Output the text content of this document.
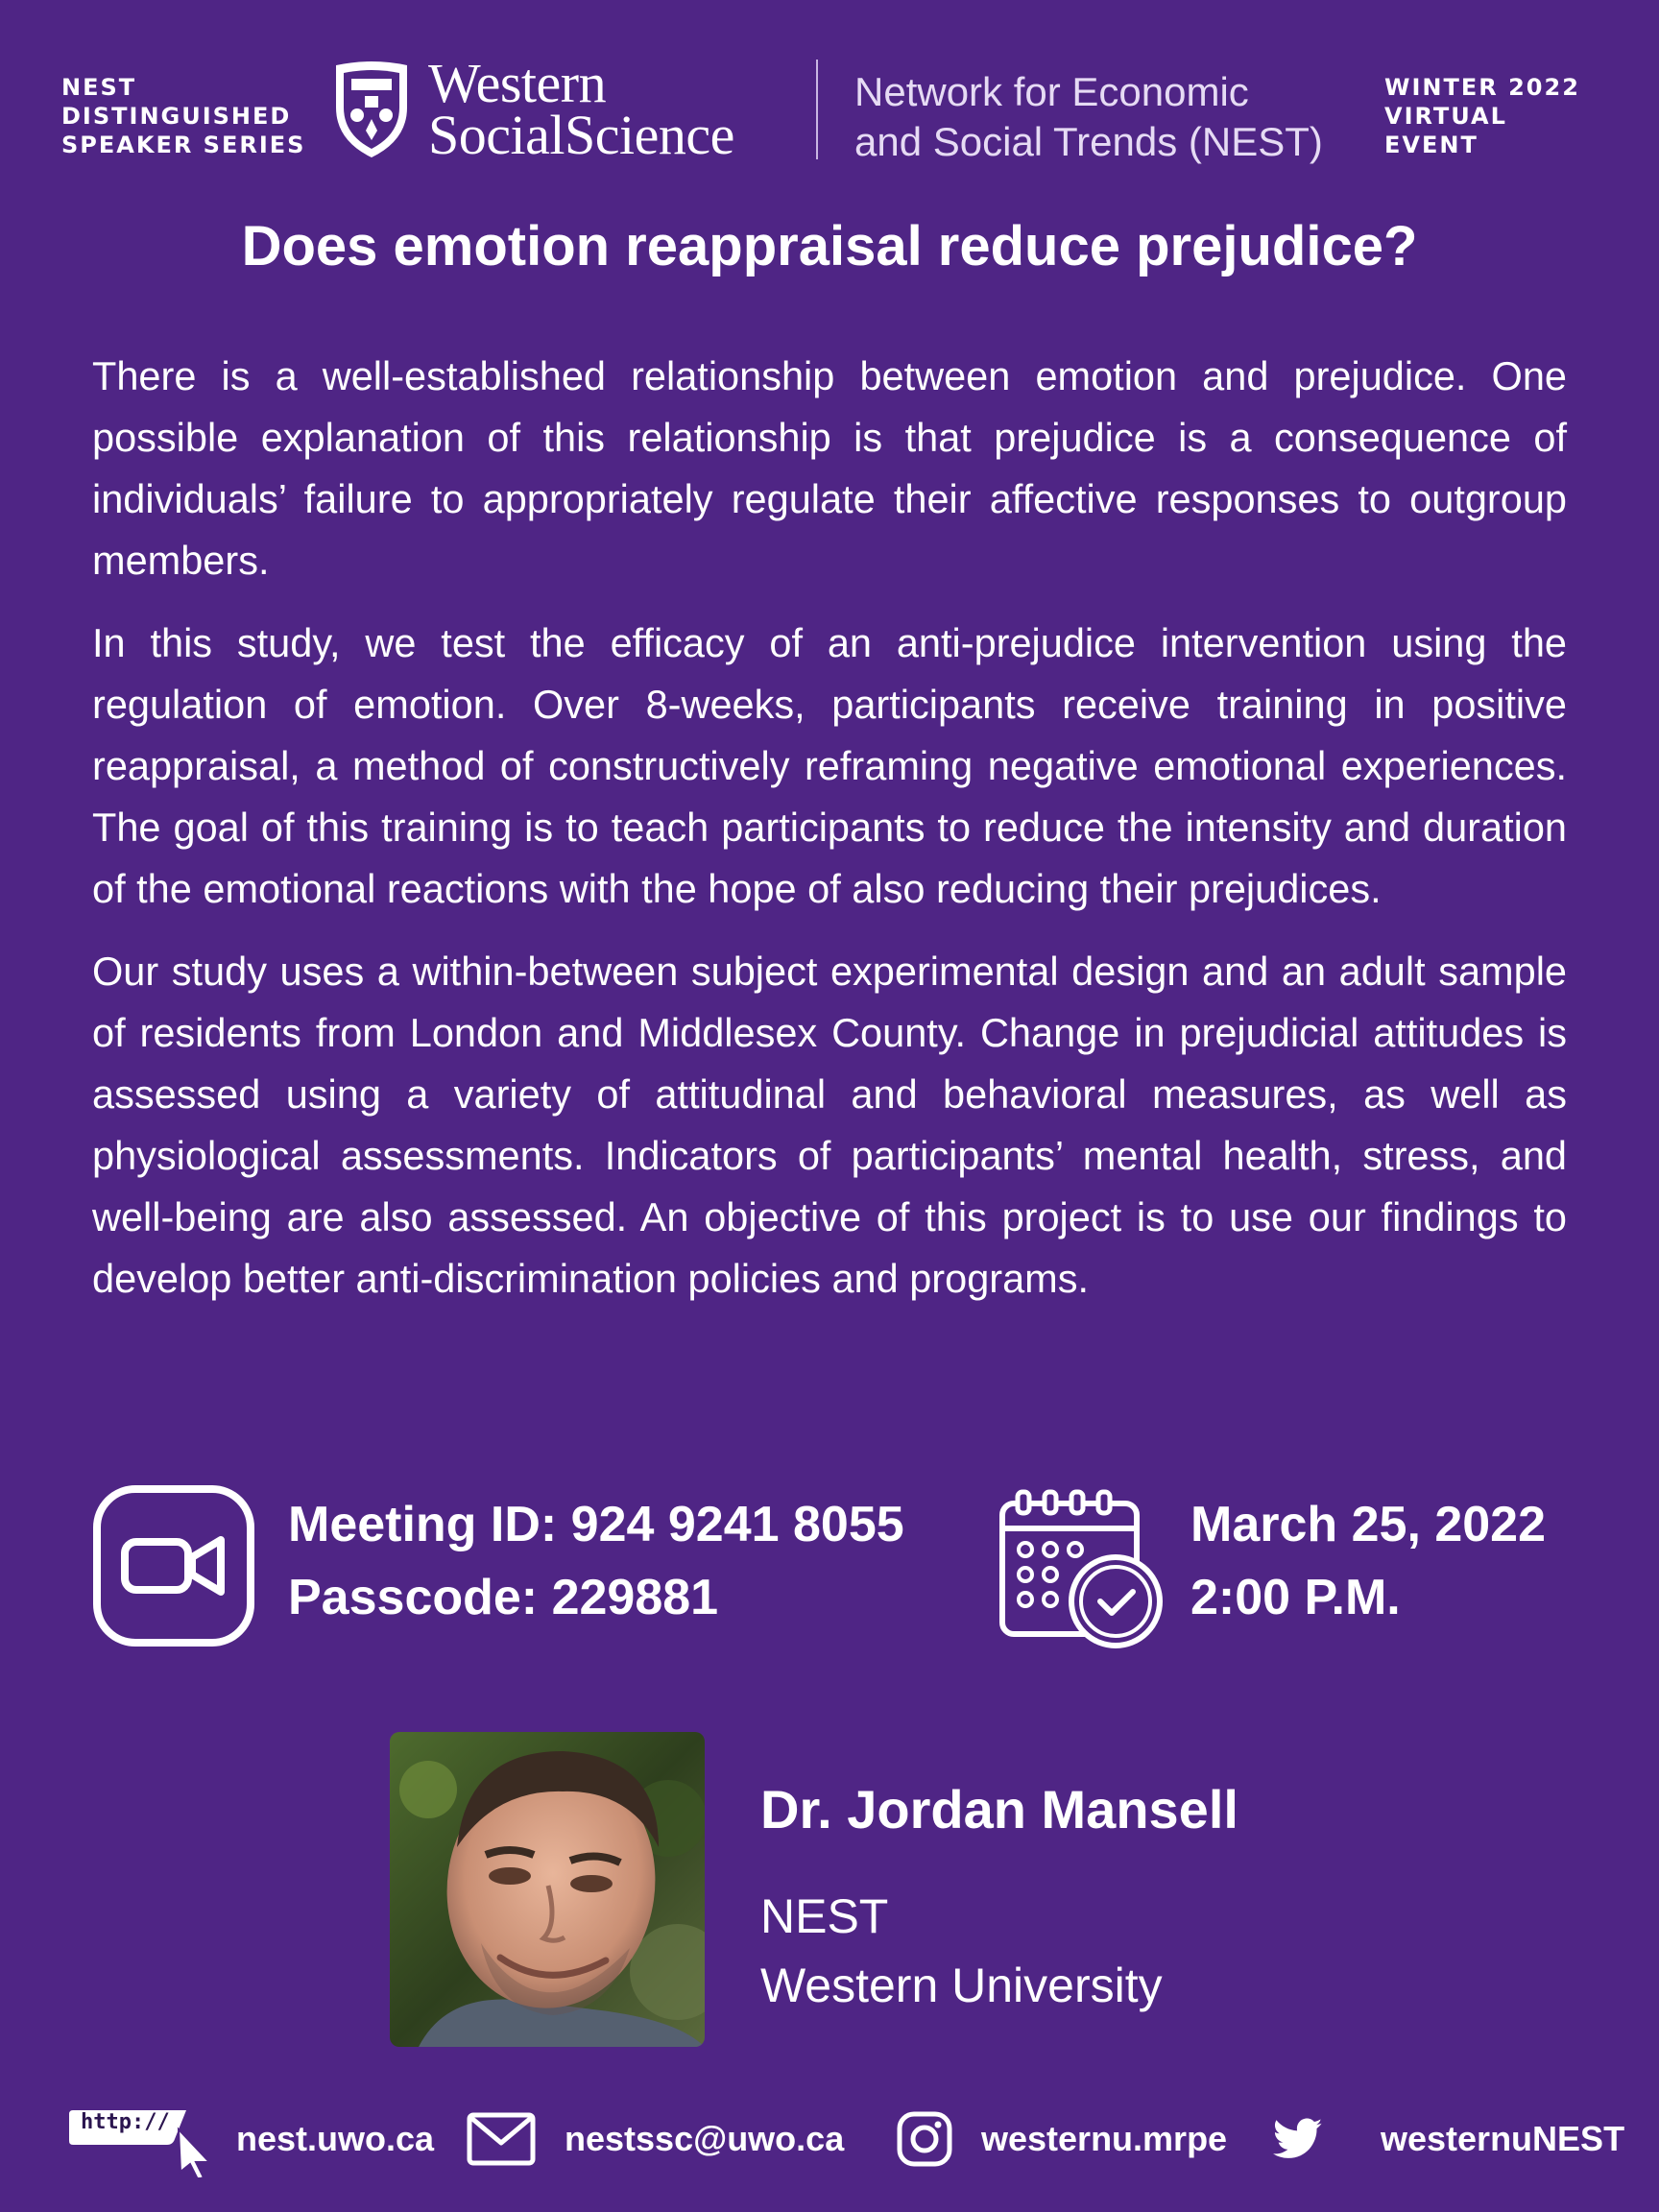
NEST
DISTINGUISHED
SPEAKER SERIES
Western
SocialScience
Network for Economic
and Social Trends (NEST)
WINTER 2022
VIRTUAL
EVENT
Does emotion reappraisal reduce prejudice?

There is a well-established relationship between emotion and prejudice. One possible explanation of this relationship is that prejudice is a consequence of individuals’ failure to appropriately regulate their affective responses to outgroup members.

In this study, we test the efficacy of an anti-prejudice intervention using the regulation of emotion. Over 8-weeks, participants receive training in positive reappraisal, a method of constructively reframing negative emotional experiences. The goal of this training is to teach participants to reduce the intensity and duration of the emotional reactions with the hope of also reducing their prejudices.

Our study uses a within-between subject experimental design and an adult sample of residents from London and Middlesex County. Change in prejudicial attitudes is assessed using a variety of attitudinal and behavioral measures, as well as physiological assessments. Indicators of participants’ mental health, stress, and well-being are also assessed. An objective of this project is to use our findings to develop better anti-discrimination policies and programs.

Meeting ID: 924 9241 8055
Passcode: 229881
March 25, 2022
2:00 P.M.
Dr. Jordan Mansell
NEST
Western University
http:// nest.uwo.ca	nestssc@uwo.ca	westernu.mrpe	westernuNEST
